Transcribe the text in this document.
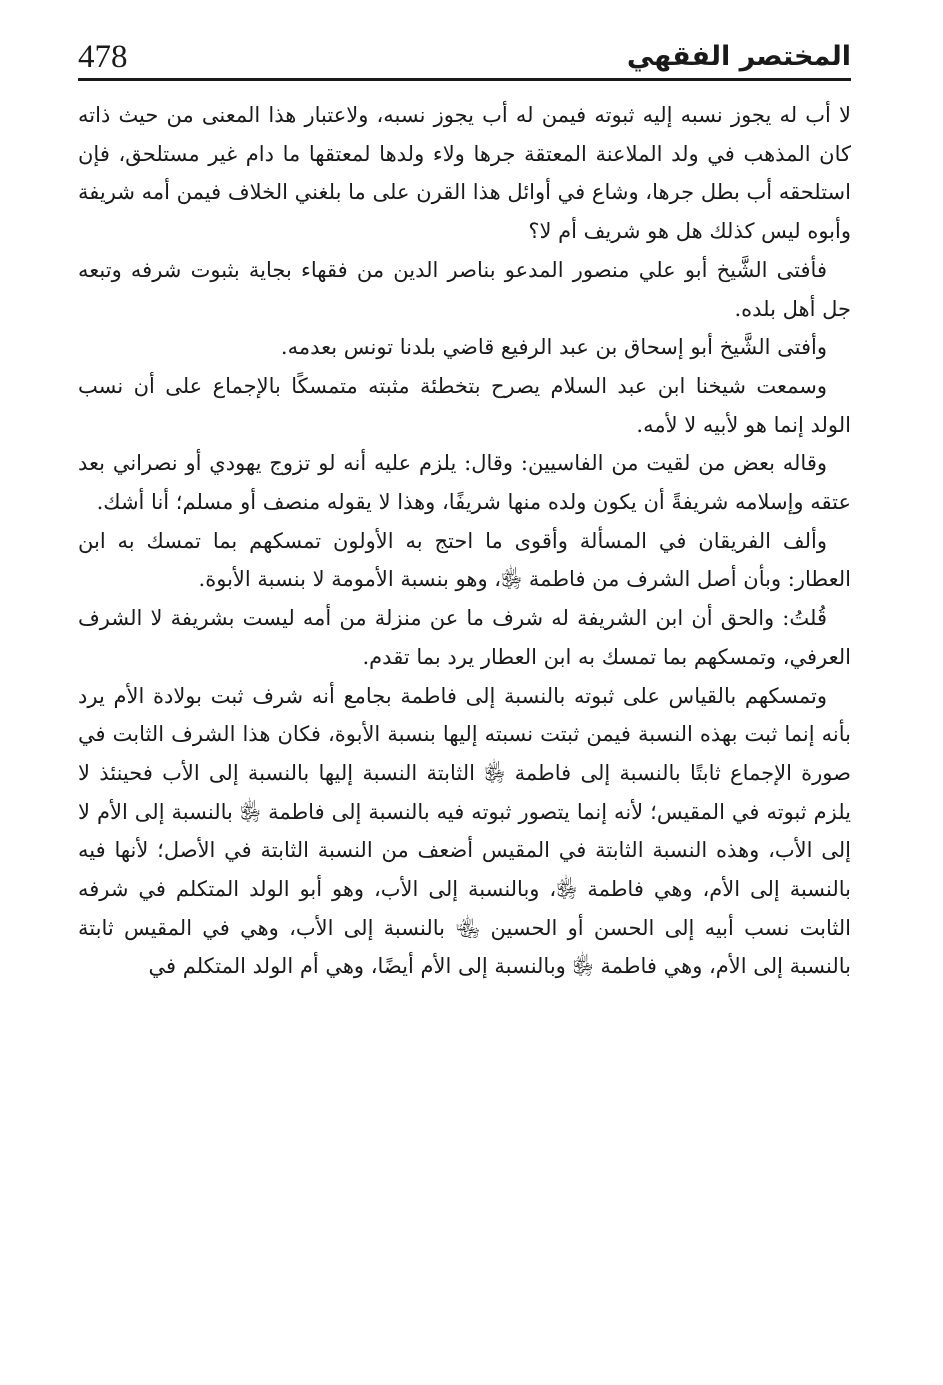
المختصر الفقهي
478

لا أب له يجوز نسبه إليه ثبوته فيمن له أب يجوز نسبه، ولاعتبار هذا المعنى من حيث ذاته كان المذهب في ولد الملاعنة المعتقة جرها ولاء ولدها لمعتقها ما دام غير مستلحق، فإن استلحقه أب بطل جرها، وشاع في أوائل هذا القرن على ما بلغني الخلاف فيمن أمه شريفة وأبوه ليس كذلك هل هو شريف أم لا؟

فأفتى الشَّيخ أبو علي منصور المدعو بناصر الدين من فقهاء بجاية بثبوت شرفه وتبعه جل أهل بلده.

وأفتى الشَّيخ أبو إسحاق بن عبد الرفيع قاضي بلدنا تونس بعدمه.

وسمعت شيخنا ابن عبد السلام يصرح بتخطئة مثبته متمسكًا بالإجماع على أن نسب الولد إنما هو لأبيه لا لأمه.

وقاله بعض من لقيت من الفاسيين: وقال: يلزم عليه أنه لو تزوج يهودي أو نصراني بعد عتقه وإسلامه شريفةً أن يكون ولده منها شريفًا، وهذا لا يقوله منصف أو مسلم؛ أنا أشك.

وألف الفريقان في المسألة وأقوى ما احتج به الأولون تمسكهم بما تمسك به ابن العطار: وبأن أصل الشرف من فاطمة ﵂، وهو بنسبة الأمومة لا بنسبة الأبوة.

قُلتُ: والحق أن ابن الشريفة له شرف ما عن منزلة من أمه ليست بشريفة لا الشرف العرفي، وتمسكهم بما تمسك به ابن العطار يرد بما تقدم.

وتمسكهم بالقياس على ثبوته بالنسبة إلى فاطمة بجامع أنه شرف ثبت بولادة الأم يرد بأنه إنما ثبت بهذه النسبة فيمن ثبتت نسبته إليها بنسبة الأبوة، فكان هذا الشرف الثابت في صورة الإجماع ثابتًا بالنسبة إلى فاطمة ﵂ الثابتة النسبة إليها بالنسبة إلى الأب فحينئذ لا يلزم ثبوته في المقيس؛ لأنه إنما يتصور ثبوته فيه بالنسبة إلى فاطمة ﵂ بالنسبة إلى الأم لا إلى الأب، وهذه النسبة الثابتة في المقيس أضعف من النسبة الثابتة في الأصل؛ لأنها فيه بالنسبة إلى الأم، وهي فاطمة ﵂، وبالنسبة إلى الأب، وهو أبو الولد المتكلم في شرفه الثابت نسب أبيه إلى الحسن أو الحسين ﵄ بالنسبة إلى الأب، وهي في المقيس ثابتة بالنسبة إلى الأم، وهي فاطمة ﵂ وبالنسبة إلى الأم أيضًا، وهي أم الولد المتكلم في
